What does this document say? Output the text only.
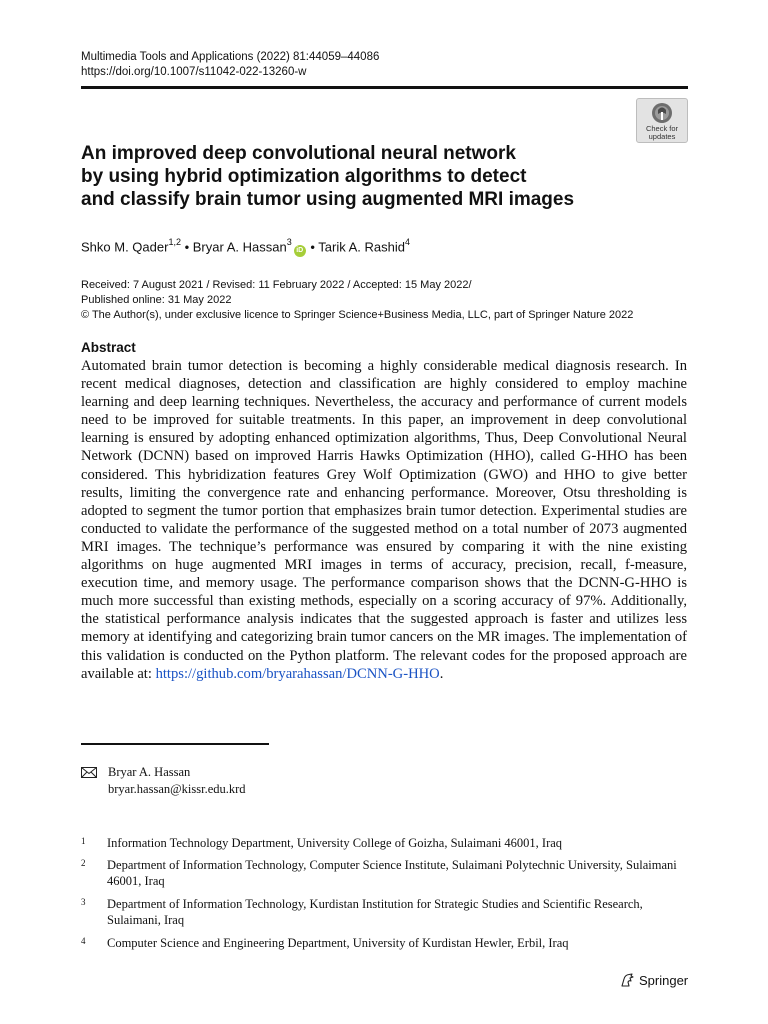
Multimedia Tools and Applications (2022) 81:44059–44086
https://doi.org/10.1007/s11042-022-13260-w
Check for
updates
An improved deep convolutional neural network
by using hybrid optimization algorithms to detect
and classify brain tumor using augmented MRI images
Shko M. Qader$^{1,2}$ • Bryar A. Hassan$^3$iD • Tarik A. Rashid$^4$
Received: 7 August 2021 / Revised: 11 February 2022 / Accepted: 15 May 2022/
Published online: 31 May 2022
© The Author(s), under exclusive licence to Springer Science+Business Media, LLC, part of Springer Nature 2022
Abstract

Automated brain tumor detection is becoming a highly considerable medical diagnosis research. In recent medical diagnoses, detection and classification are highly considered to employ machine learning and deep learning techniques. Nevertheless, the accuracy and performance of current models need to be improved for suitable treatments. In this paper, an improvement in deep convolutional learning is ensured by adopting enhanced optimization algorithms, Thus, Deep Convolutional Neural Network (DCNN) based on improved Harris Hawks Optimization (HHO), called G-HHO has been considered. This hybridization features Grey Wolf Optimization (GWO) and HHO to give better results, limiting the convergence rate and enhancing performance. Moreover, Otsu thresholding is adopted to segment the tumor portion that emphasizes brain tumor detection. Experimental studies are conducted to validate the performance of the suggested method on a total number of 2073 augmented MRI images. The technique’s performance was ensured by comparing it with the nine existing algorithms on huge augmented MRI images in terms of accuracy, precision, recall, f-measure, execution time, and memory usage. The performance comparison shows that the DCNN-G-HHO is much more successful than existing methods, especially on a scoring accuracy of 97%. Additionally, the statistical performance analysis indicates that the suggested approach is faster and utilizes less memory at identifying and categorizing brain tumor cancers on the MR images. The implementation of this validation is conducted on the Python platform. The relevant codes for the proposed approach are available at: https://github.com/bryarahassan/DCNN-G-HHO.

Bryar A. Hassan
bryar.hassan@kissr.edu.krd
1 Information Technology Department, University College of Goizha, Sulaimani 46001, Iraq
2 Department of Information Technology, Computer Science Institute, Sulaimani Polytechnic University, Sulaimani 46001, Iraq
3 Department of Information Technology, Kurdistan Institution for Strategic Studies and Scientific Research, Sulaimani, Iraq
4 Computer Science and Engineering Department, University of Kurdistan Hewler, Erbil, Iraq
Springer
